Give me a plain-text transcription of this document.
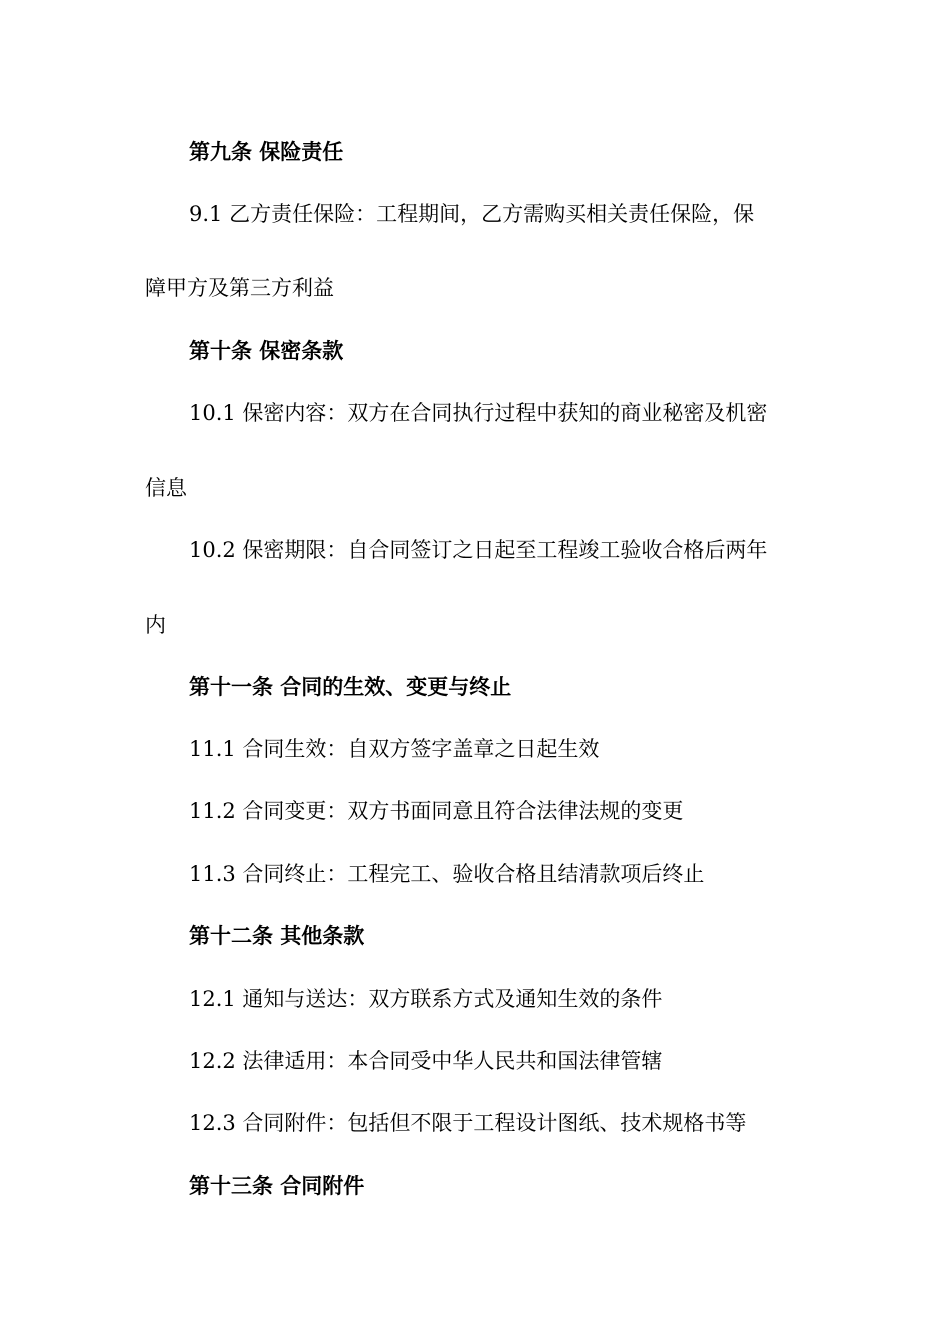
第九条 保险责任
9.1 乙方责任保险：工程期间，乙方需购买相关责任保险，保
障甲方及第三方利益
第十条 保密条款
10.1 保密内容：双方在合同执行过程中获知的商业秘密及机密
信息
10.2 保密期限：自合同签订之日起至工程竣工验收合格后两年
内
第十一条 合同的生效、变更与终止
11.1 合同生效：自双方签字盖章之日起生效
11.2 合同变更：双方书面同意且符合法律法规的变更
11.3 合同终止：工程完工、验收合格且结清款项后终止
第十二条 其他条款
12.1 通知与送达：双方联系方式及通知生效的条件
12.2 法律适用：本合同受中华人民共和国法律管辖
12.3 合同附件：包括但不限于工程设计图纸、技术规格书等
第十三条 合同附件
